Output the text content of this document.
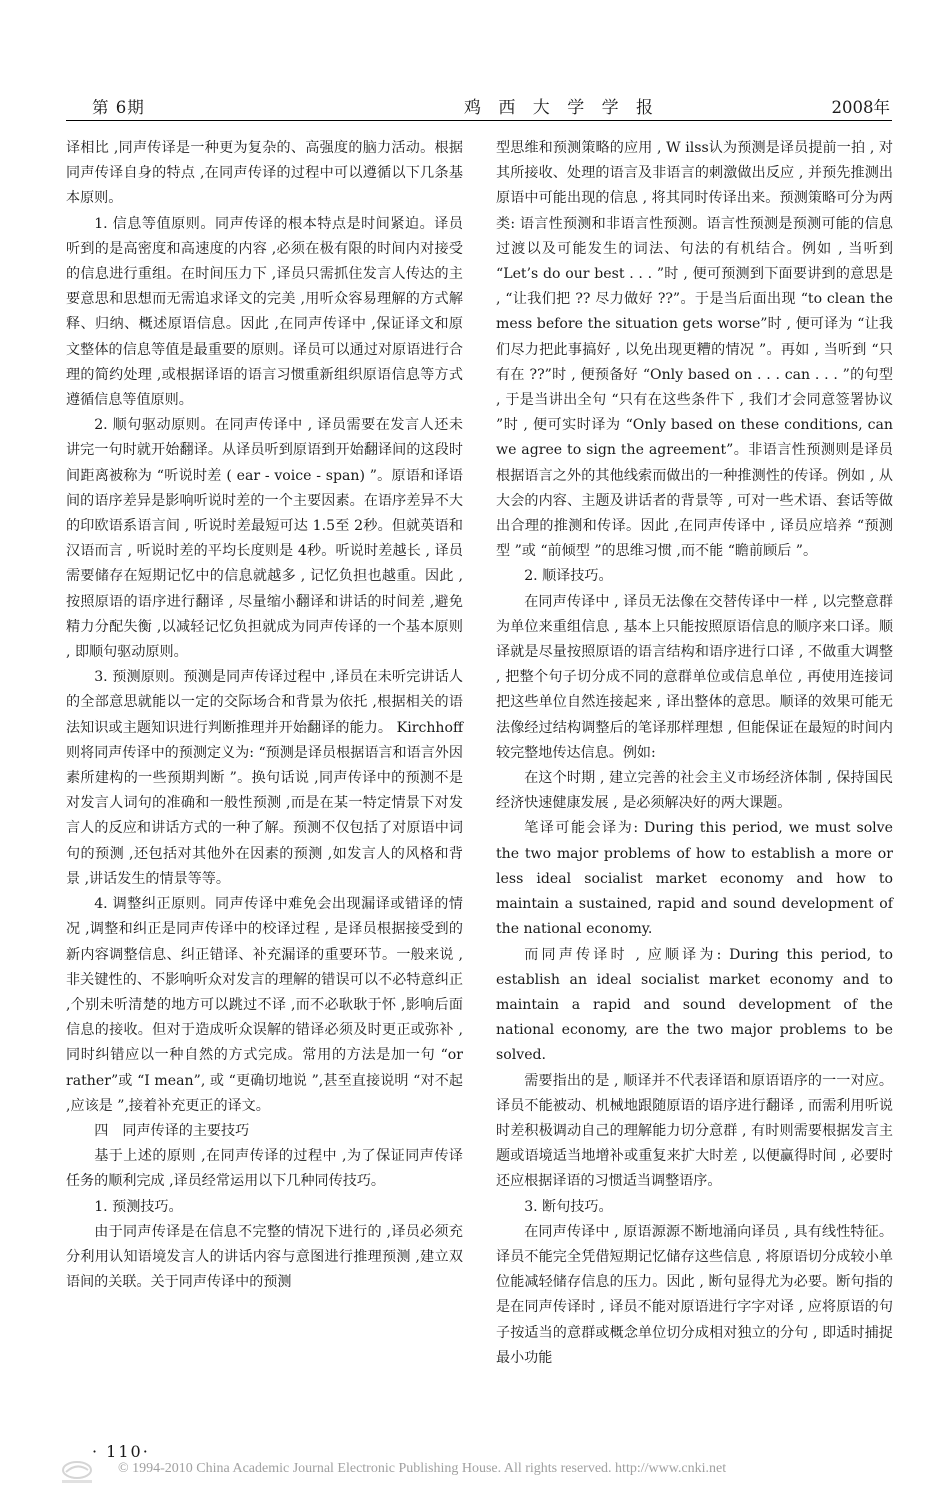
第 6期	鸡 西 大 学 学 报	2008年

译相比 ,同声传译是一种更为复杂的、高强度的脑力活动。根据同声传译自身的特点 ,在同声传译的过程中可以遵循以下几条基本原则。

1. 信息等值原则。同声传译的根本特点是时间紧迫。译员听到的是高密度和高速度的内容 ,必须在极有限的时间内对接受的信息进行重组。在时间压力下 ,译员只需抓住发言人传达的主要意思和思想而无需追求译文的完美 ,用听众容易理解的方式解释、归纳、概述原语信息。因此 ,在同声传译中 ,保证译文和原文整体的信息等值是最重要的原则。译员可以通过对原语进行合理的简约处理 ,或根据译语的语言习惯重新组织原语信息等方式遵循信息等值原则。

2. 顺句驱动原则。在同声传译中 , 译员需要在发言人还未讲完一句时就开始翻译。从译员听到原语到开始翻译间的这段时间距离被称为 “听说时差 ( ear - voice - span) ”。原语和译语间的语序差异是影响听说时差的一个主要因素。在语序差异不大的印欧语系语言间 , 听说时差最短可达 1.5至 2秒。但就英语和汉语而言 , 听说时差的平均长度则是 4秒。听说时差越长 , 译员需要储存在短期记忆中的信息就越多 , 记忆负担也越重。因此 , 按照原语的语序进行翻译 , 尽量缩小翻译和讲话的时间差 ,避免精力分配失衡 ,以减轻记忆负担就成为同声传译的一个基本原则 , 即顺句驱动原则。

3. 预测原则。预测是同声传译过程中 ,译员在未听完讲话人的全部意思就能以一定的交际场合和背景为依托 ,根据相关的语法知识或主题知识进行判断推理并开始翻译的能力。 Kirchhoff则将同声传译中的预测定义为: “预测是译员根据语言和语言外因素所建构的一些预期判断 ”。换句话说 ,同声传译中的预测不是对发言人词句的准确和一般性预测 ,而是在某一特定情景下对发言人的反应和讲话方式的一种了解。预测不仅包括了对原语中词句的预测 ,还包括对其他外在因素的预测 ,如发言人的风格和背景 ,讲话发生的情景等等。

4. 调整纠正原则。同声传译中难免会出现漏译或错译的情况 ,调整和纠正是同声传译中的校译过程 , 是译员根据接受到的新内容调整信息、纠正错译、补充漏译的重要环节。一般来说 ,非关键性的、不影响听众对发言的理解的错误可以不必特意纠正 ,个别未听清楚的地方可以跳过不译 ,而不必耿耿于怀 ,影响后面信息的接收。但对于造成听众误解的错译必须及时更正或弥补 ,同时纠错应以一种自然的方式完成。常用的方法是加一句 “or rather”或 “I mean”, 或 “更确切地说 ”,甚至直接说明 “对不起 ,应该是 ”,接着补充更正的译文。

四　同声传译的主要技巧

基于上述的原则 ,在同声传译的过程中 ,为了保证同声传译任务的顺利完成 ,译员经常运用以下几种同传技巧。

1. 预测技巧。

由于同声传译是在信息不完整的情况下进行的 ,译员必须充分利用认知语境发言人的讲话内容与意图进行推理预测 ,建立双语间的关联。关于同声传译中的预测

型思维和预测策略的应用 , W ilss认为预测是译员提前一拍 , 对其所接收、处理的语言及非语言的刺激做出反应 , 并预先推测出原语中可能出现的信息 , 将其同时传译出来。预测策略可分为两类: 语言性预测和非语言性预测。语言性预测是预测可能的信息过渡以及可能发生的词法、句法的有机结合。例如 , 当听到 “Let’s do our best . . . ”时 , 便可预测到下面要讲到的意思是 , “让我们把 ?? 尽力做好 ??”。于是当后面出现 “to clean the mess before the situation gets worse”时 , 便可译为 “让我们尽力把此事搞好 , 以免出现更糟的情况 ”。再如 , 当听到 “只有在 ??”时 , 便预备好 “Only based on . . . can . . . ”的句型 , 于是当讲出全句 “只有在这些条件下 , 我们才会同意签署协议 ”时 , 便可实时译为 “Only based on these conditions, can we agree to sign the agreement”。非语言性预测则是译员根据语言之外的其他线索而做出的一种推测性的传译。例如 , 从大会的内容、主题及讲话者的背景等 , 可对一些术语、套话等做出合理的推测和传译。因此 ,在同声传译中 , 译员应培养 “预测型 ”或 “前倾型 ”的思维习惯 ,而不能 “瞻前顾后 ”。

2. 顺译技巧。

在同声传译中 , 译员无法像在交替传译中一样 , 以完整意群为单位来重组信息 , 基本上只能按照原语信息的顺序来口译。顺译就是尽量按照原语的语言结构和语序进行口译 , 不做重大调整 , 把整个句子切分成不同的意群单位或信息单位 , 再使用连接词把这些单位自然连接起来 , 译出整体的意思。顺译的效果可能无法像经过结构调整后的笔译那样理想 , 但能保证在最短的时间内较完整地传达信息。例如:

在这个时期 , 建立完善的社会主义市场经济体制 , 保持国民经济快速健康发展 , 是必须解决好的两大课题。

笔译可能会译为: During this period, we must solve the two major problems of how to establish a more or less ideal socialist market economy and how to maintain a sustained, rapid and sound development of the national economy.

而同声传译时 , 应顺译为: During this period, to establish an ideal socialist market economy and to maintain a rapid and sound development of the national economy, are the two major problems to be solved.

需要指出的是 , 顺译并不代表译语和原语语序的一一对应。译员不能被动、机械地跟随原语的语序进行翻译 , 而需利用听说时差积极调动自己的理解能力切分意群 , 有时则需要根据发言主题或语境适当地增补或重复来扩大时差 , 以便赢得时间 , 必要时还应根据译语的习惯适当调整语序。

3. 断句技巧。

在同声传译中 , 原语源源不断地涌向译员 , 具有线性特征。译员不能完全凭借短期记忆储存这些信息 , 将原语切分成较小单位能减轻储存信息的压力。因此 , 断句显得尤为必要。断句指的是在同声传译时 , 译员不能对原语进行字字对译 , 应将原语的句子按适当的意群或概念单位切分成相对独立的分句 , 即适时捕捉最小功能

· 110·
© 1994-2010 China Academic Journal Electronic Publishing House. All rights reserved. http://www.cnki.net
